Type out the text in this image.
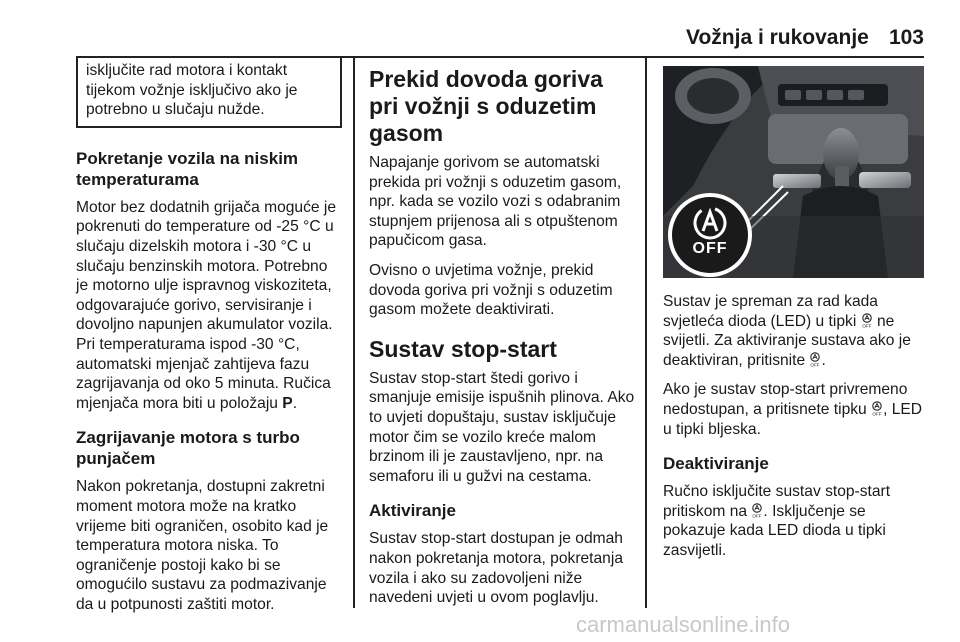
Vožnja i rukovanje 103
isključite rad motora i kontakt tijekom vožnje isključivo ako je potrebno u slučaju nužde.
Pokretanje vozila na niskim temperaturama

Motor bez dodatnih grijača moguće je pokrenuti do temperature od -25 °C u slučaju dizelskih motora i -30 °C u slučaju benzinskih motora. Potrebno je motorno ulje ispravnog viskoziteta, odgovarajuće gorivo, servisiranje i dovoljno napunjen akumulator vozila. Pri temperaturama ispod -30 °C, automatski mjenjač zahtijeva fazu zagrijavanja od oko 5 minuta. Ručica mjenjača mora biti u položaju P.

Zagrijavanje motora s turbo punjačem

Nakon pokretanja, dostupni zakretni moment motora može na kratko vrijeme biti ograničen, osobito kad je temperatura motora niska. To ograničenje postoji kako bi se omogućilo sustavu za podmazivanje da u potpunosti zaštiti motor.

Prekid dovoda goriva pri vožnji s oduzetim gasom

Napajanje gorivom se automatski prekida pri vožnji s oduzetim gasom, npr. kada se vozilo vozi s odabranim stupnjem prijenosa ali s otpuštenom papučicom gasa.

Ovisno o uvjetima vožnje, prekid dovoda goriva pri vožnji s oduzetim gasom možete deaktivirati.

Sustav stop-start

Sustav stop-start štedi gorivo i smanjuje emisije ispušnih plinova. Ako to uvjeti dopuštaju, sustav isključuje motor čim se vozilo kreće malom brzinom ili je zaustavljeno, npr. na semaforu ili u gužvi na cestama.

Aktiviranje

Sustav stop-start dostupan je odmah nakon pokretanja motora, pokretanja vozila i ako su zadovoljeni niže navedeni uvjeti u ovom poglavlju.

OFF

Sustav je spreman za rad kada svjetleća dioda (LED) u tipki OFF ne svijetli. Za aktiviranje sustava ako je deaktiviran, pritisnite OFF .

Ako je sustav stop-start privremeno nedostupan, a pritisnete tipku OFF , LED u tipki bljeska.

Deaktiviranje

Ručno isključite sustav stop-start pritiskom na OFF . Isključenje se pokazuje kada LED dioda u tipki zasvijetli.

carmanualsonline.info
